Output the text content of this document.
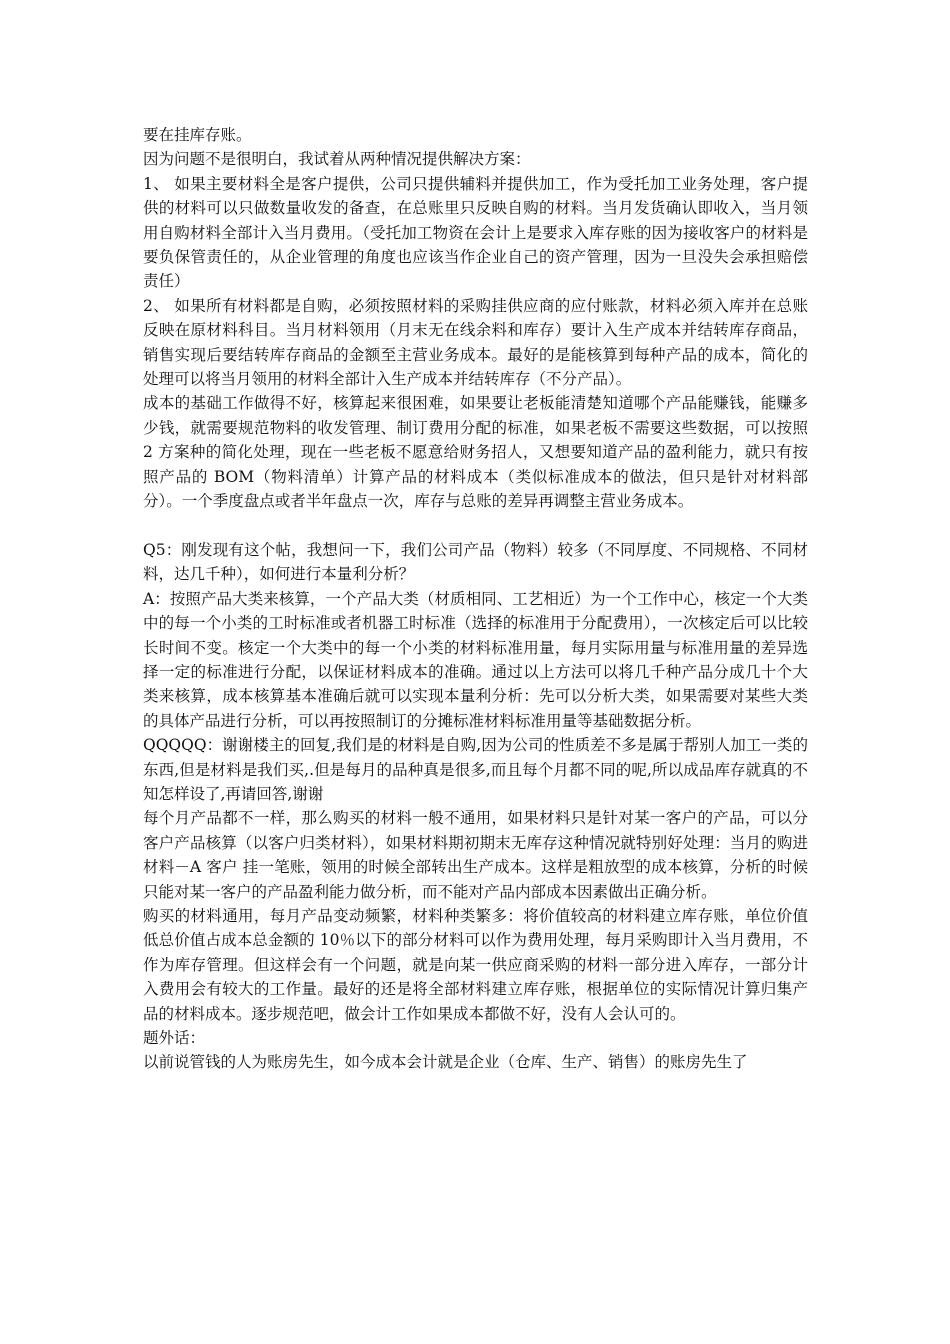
要在挂库存账。

因为问题不是很明白，我试着从两种情况提供解决方案：

1、 如果主要材料全是客户提供，公司只提供辅料并提供加工，作为受托加工业务处理，客户提供的材料可以只做数量收发的备查，在总账里只反映自购的材料。当月发货确认即收入，当月领用自购材料全部计入当月费用。（受托加工物资在会计上是要求入库存账的因为接收客户的材料是要负保管责任的，从企业管理的角度也应该当作企业自己的资产管理，因为一旦没失会承担赔偿责任）

2、 如果所有材料都是自购，必须按照材料的采购挂供应商的应付账款，材料必须入库并在总账反映在原材料科目。当月材料领用（月末无在线余料和库存）要计入生产成本并结转库存商品，销售实现后要结转库存商品的金额至主营业务成本。最好的是能核算到每种产品的成本，简化的处理可以将当月领用的材料全部计入生产成本并结转库存（不分产品）。

成本的基础工作做得不好，核算起来很困难，如果要让老板能清楚知道哪个产品能赚钱，能赚多少钱，就需要规范物料的收发管理、制订费用分配的标准，如果老板不需要这些数据，可以按照 2 方案种的简化处理，现在一些老板不愿意给财务招人，又想要知道产品的盈利能力，就只有按照产品的 BOM（物料清单）计算产品的材料成本（类似标准成本的做法，但只是针对材料部分）。一个季度盘点或者半年盘点一次，库存与总账的差异再调整主营业务成本。

Q5：刚发现有这个帖，我想问一下，我们公司产品（物料）较多（不同厚度、不同规格、不同材料，达几千种），如何进行本量利分析？

A：按照产品大类来核算，一个产品大类（材质相同、工艺相近）为一个工作中心，核定一个大类中的每一个小类的工时标准或者机器工时标准（选择的标准用于分配费用），一次核定后可以比较长时间不变。核定一个大类中的每一个小类的材料标准用量，每月实际用量与标准用量的差异选择一定的标准进行分配，以保证材料成本的准确。通过以上方法可以将几千种产品分成几十个大类来核算，成本核算基本准确后就可以实现本量利分析：先可以分析大类，如果需要对某些大类的具体产品进行分析，可以再按照制订的分摊标准材料标准用量等基础数据分析。

QQQQQ：谢谢楼主的回复,我们是的材料是自购,因为公司的性质差不多是属于帮别人加工一类的东西,但是材料是我们买,.但是每月的品种真是很多,而且每个月都不同的呢,所以成品库存就真的不知怎样设了,再请回答,谢谢

每个月产品都不一样，那么购买的材料一般不通用，如果材料只是针对某一客户的产品，可以分客户产品核算（以客户归类材料），如果材料期初期末无库存这种情况就特别好处理：当月的购进 材料－A 客户 挂一笔账，领用的时候全部转出生产成本。这样是粗放型的成本核算，分析的时候只能对某一客户的产品盈利能力做分析，而不能对产品内部成本因素做出正确分析。

购买的材料通用，每月产品变动频繁，材料种类繁多：将价值较高的材料建立库存账，单位价值低总价值占成本总金额的 10％以下的部分材料可以作为费用处理，每月采购即计入当月费用，不作为库存管理。但这样会有一个问题，就是向某一供应商采购的材料一部分进入库存，一部分计入费用会有较大的工作量。最好的还是将全部材料建立库存账，根据单位的实际情况计算归集产品的材料成本。逐步规范吧，做会计工作如果成本都做不好，没有人会认可的。

题外话：

以前说管钱的人为账房先生，如今成本会计就是企业（仓库、生产、销售）的账房先生了
